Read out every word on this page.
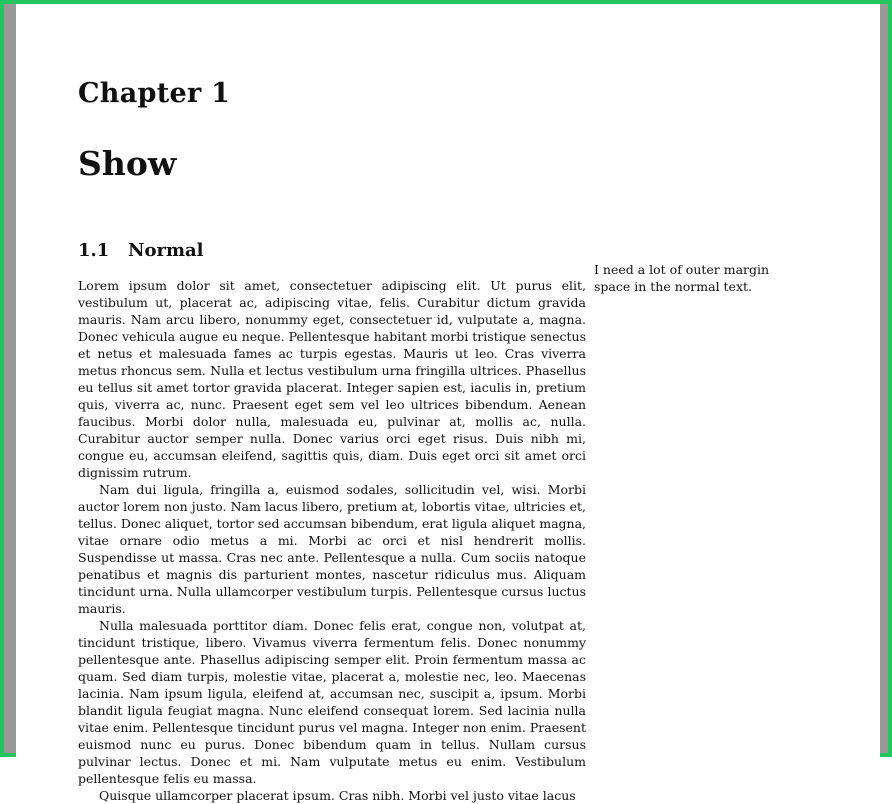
Chapter 1
Show
1.1 Normal
I need a lot of outer margin space in the normal text.

Lorem ipsum dolor sit amet, consectetuer adipiscing elit. Ut purus elit, vestibulum ut, placerat ac, adipiscing vitae, felis. Curabitur dictum gravida mauris. Nam arcu libero, nonummy eget, consectetuer id, vulputate a, magna. Donec vehicula augue eu neque. Pellentesque habitant morbi tristique senectus et netus et malesuada fames ac turpis egestas. Mauris ut leo. Cras viverra metus rhoncus sem. Nulla et lectus vestibulum urna fringilla ultrices. Phasellus eu tellus sit amet tortor gravida placerat. Integer sapien est, iaculis in, pretium quis, viverra ac, nunc. Praesent eget sem vel leo ultrices bibendum. Aenean faucibus. Morbi dolor nulla, malesuada eu, pulvinar at, mollis ac, nulla. Curabitur auctor semper nulla. Donec varius orci eget risus. Duis nibh mi, congue eu, accumsan eleifend, sagittis quis, diam. Duis eget orci sit amet orci dignissim rutrum.

Nam dui ligula, fringilla a, euismod sodales, sollicitudin vel, wisi. Morbi auctor lorem non justo. Nam lacus libero, pretium at, lobortis vitae, ultricies et, tellus. Donec aliquet, tortor sed accumsan bibendum, erat ligula aliquet magna, vitae ornare odio metus a mi. Morbi ac orci et nisl hendrerit mollis. Suspendisse ut massa. Cras nec ante. Pellentesque a nulla. Cum sociis natoque penatibus et magnis dis parturient montes, nascetur ridiculus mus. Aliquam tincidunt urna. Nulla ullamcorper vestibulum turpis. Pellentesque cursus luctus mauris.

Nulla malesuada porttitor diam. Donec felis erat, congue non, volutpat at, tincidunt tristique, libero. Vivamus viverra fermentum felis. Donec nonummy pellentesque ante. Phasellus adipiscing semper elit. Proin fermentum massa ac quam. Sed diam turpis, molestie vitae, placerat a, molestie nec, leo. Maecenas lacinia. Nam ipsum ligula, eleifend at, accumsan nec, suscipit a, ipsum. Morbi blandit ligula feugiat magna. Nunc eleifend consequat lorem. Sed lacinia nulla vitae enim. Pellentesque tincidunt purus vel magna. Integer non enim. Praesent euismod nunc eu purus. Donec bibendum quam in tellus. Nullam cursus pulvinar lectus. Donec et mi. Nam vulputate metus eu enim. Vestibulum pellentesque felis eu massa.

Quisque ullamcorper placerat ipsum. Cras nibh. Morbi vel justo vitae lacus
